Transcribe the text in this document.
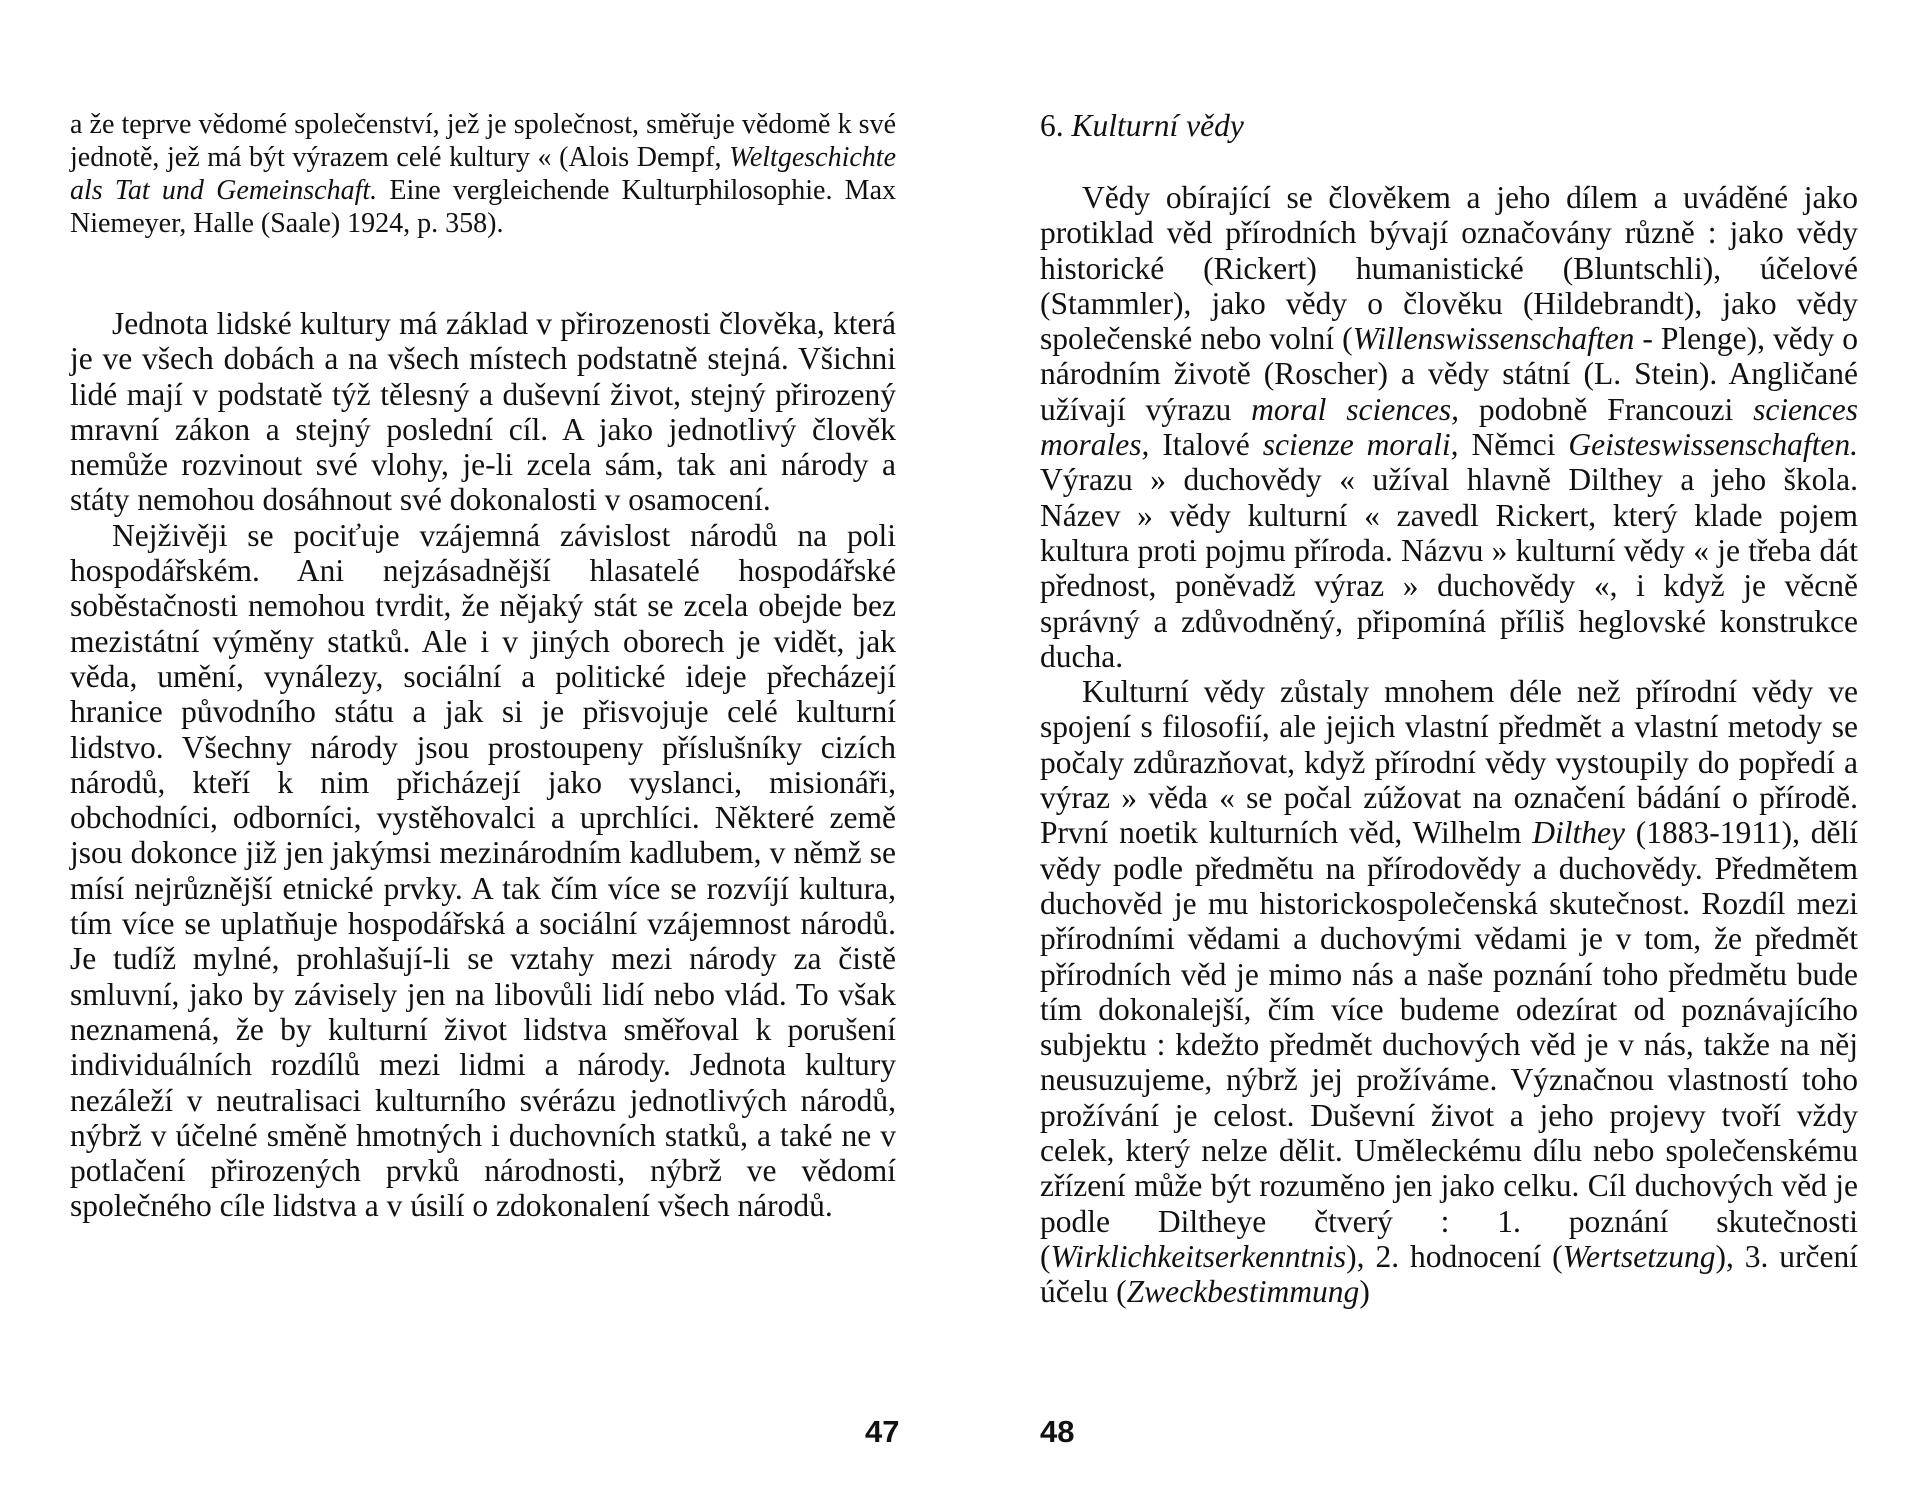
a že teprve vědomé společenství, jež je společnost, směřuje vědomě k své jednotě, jež má být výrazem celé kultury « (Alois Dempf, Weltgeschichte als Tat und Gemeinschaft. Eine vergleichende Kulturphilosophie. Max Niemeyer, Halle (Saale) 1924, p. 358).

Jednota lidské kultury má základ v přirozenosti člověka, která je ve všech dobách a na všech místech podstatně stejná. Všichni lidé mají v podstatě týž tělesný a duševní život, stejný přirozený mravní zákon a stejný poslední cíl. A jako jednotlivý člověk nemůže rozvinout své vlohy, je-li zcela sám, tak ani národy a státy nemohou dosáhnout své dokonalosti v osamocení.

Nejživěji se pociťuje vzájemná závislost národů na poli hospodářském. Ani nejzásadnější hlasatelé hospodářské soběstačnosti nemohou tvrdit, že nějaký stát se zcela obejde bez mezistátní výměny statků. Ale i v jiných oborech je vidět, jak věda, umění, vynálezy, sociální a politické ideje přecházejí hranice původního státu a jak si je přisvojuje celé kulturní lidstvo. Všechny národy jsou prostoupeny příslušníky cizích národů, kteří k nim přicházejí jako vyslanci, misionáři, obchodníci, odborníci, vystěhovalci a uprchlíci. Některé země jsou dokonce již jen jakýmsi mezinárodním kadlubem, v němž se mísí nejrůznější etnické prvky. A tak čím více se rozvíjí kultura, tím více se uplatňuje hospodářská a sociální vzájemnost národů. Je tudíž mylné, prohlašují-li se vztahy mezi národy za čistě smluvní, jako by závisely jen na libovůli lidí nebo vlád. To však neznamená, že by kulturní život lidstva směřoval k porušení individuálních rozdílů mezi lidmi a národy. Jednota kultury nezáleží v neutralisaci kulturního svérázu jednotlivých národů, nýbrž v účelné směně hmotných i duchovních statků, a také ne v potlačení přirozených prvků národnosti, nýbrž ve vědomí společného cíle lidstva a v úsilí o zdokonalení všech národů.

47
6. Kulturní vědy

Vědy obírající se člověkem a jeho dílem a uváděné jako protiklad věd přírodních bývají označovány různě : jako vědy historické (Rickert) humanistické (Bluntschli), účelové (Stammler), jako vědy o člověku (Hildebrandt), jako vědy společenské nebo volní (Willenswissenschaften - Plenge), vědy o národním životě (Roscher) a vědy státní (L. Stein). Angličané užívají výrazu moral sciences, podobně Francouzi sciences morales, Italové scienze morali, Němci Geisteswissenschaften. Výrazu » duchovědy « užíval hlavně Dilthey a jeho škola. Název » vědy kulturní « zavedl Rickert, který klade pojem kultura proti pojmu příroda. Názvu » kulturní vědy « je třeba dát přednost, poněvadž výraz » duchovědy «, i když je věcně správný a zdůvodněný, připomíná příliš heglovské konstrukce ducha.

Kulturní vědy zůstaly mnohem déle než přírodní vědy ve spojení s filosofií, ale jejich vlastní předmět a vlastní metody se počaly zdůrazňovat, když přírodní vědy vystoupily do popředí a výraz » věda « se počal zúžovat na označení bádání o přírodě. První noetik kulturních věd, Wilhelm Dilthey (1883-1911), dělí vědy podle předmětu na přírodovědy a duchovědy. Předmětem duchověd je mu historickospolečenská skutečnost. Rozdíl mezi přírodními vědami a duchovými vědami je v tom, že předmět přírodních věd je mimo nás a naše poznání toho předmětu bude tím dokonalejší, čím více budeme odezírat od poznávajícího subjektu : kdežto předmět duchových věd je v nás, takže na něj neusuzujeme, nýbrž jej prožíváme. Význačnou vlastností toho prožívání je celost. Duševní život a jeho projevy tvoří vždy celek, který nelze dělit. Uměleckému dílu nebo společenskému zřízení může být rozuměno jen jako celku. Cíl duchových věd je podle Diltheye čtverý : 1. poznání skutečnosti (Wirklichkeitserkenntnis), 2. hodnocení (Wertsetzung), 3. určení účelu (Zweckbestimmung)

48
